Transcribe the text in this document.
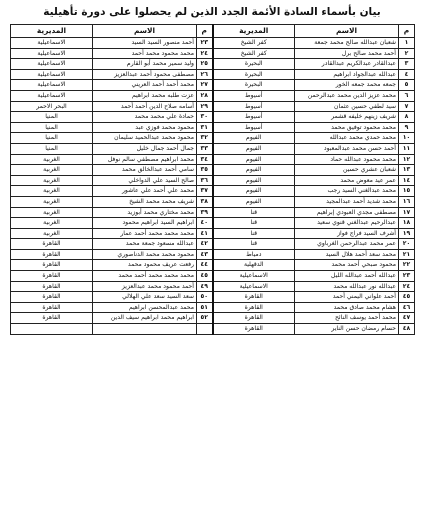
بيان بأسماء السادة الأئمة الجدد الذين لم يحصلوا على دورة تأهيلية
م	الاسم	المديرية	م	الاسم	المديرية
١	شعبان عبدالله صالح محمد جمعة	كفر الشيخ	٢٣	أحمد منصور السيد السيد	الاسماعيلية
٢	أحمد محمد صالح برل	كفر الشيخ	٢٤	محمد محمود محمد أحمد	الاسماعيلية
٣	عبدالقادر عبدالكريم عبدالقادر	البحيرة	٢٥	وليد سمير محمد أبو القارم	الاسماعيلية
٤	عبدالله عبدالجواد ابراهيم	البحيرة	٢٦	مصطفى محمود أحمد عبدالعزيز	الاسماعيلية
٥	جمعه محمد جمعه الخور	البحيرة	٢٧	محمد أحمد أحمد العريني	الاسماعيلية
٦	محمد عزيز الدين محمد عبدالرحمن	أسيوط	٢٨	عزت طلبه محمد ابراهيم	الاسماعيلية
٧	سيد لطفي حسين عثمان	أسيوط	٢٩	أسامه صلاح الدين أحمد أحمد	البحر الاحمر
٨	شريف زينهم خليفه قشمر	أسيوط	٣٠	حمادة علي محمد محمد	المنيا
٩	محمد محمود توفيق محمد	أسيوط	٣١	محمود محمد فوزي عبد	المنيا
١٠	محمد حمدي محمد عبدالله	الفيوم	٣٢	محمود محمد عبدالحميد سليمان	المنيا
١١	أحمد حسن محمد عبدالمعبود	الفيوم	٣٣	جمال أحمد جمال خليل	المنيا
١٢	محمد محمود عبدالله حماد	الفيوم	٣٤	محمد ابراهيم مصطفي سالم نوفل	الغربية
١٣	شعبان عشري حسين	الفيوم	٣٥	سامي أحمد عبدالخالق محمد	الغربية
١٤	عمر عيد معوض محمد	الفيوم	٣٦	صالح السيد علي الدواخلي	الغربية
١٥	محمد عبدالغني السيد رجب	الفيوم	٣٧	محمد علي أحمد علي عاشور	الغربية
١٦	محمد شديد أحمد عبدالمجيد	الفيوم	٣٨	شريف محمد محمد الشيخ	الغربية
١٧	مصطفى مجدي العبودي إبراهيم	قنا	٣٩	محمد مختاري محمد أبوزيد	الغربية
١٨	عبدالرحيم عبدالغني قنوي سعيد	قنا	٤٠	ابراهيم السيد ابراهيم محمود	الغربية
١٩	أشرف السيد فراج فواز	قنا	٤١	محمد محمد محمد أحمد عمار	الغربية
٢٠	عمر محمد عبدالرحمن الغرباوي	قنا	٤٢	عبدالله مسعود جمعة محمد	القاهرة
٢١	محمد سعد أحمد هلال السيد	دمياط	٤٣	محمود محمد محمد الدناصوري	القاهرة
٢٢	محمود صبحي أحمد محمد	الدقهلية	٤٤	رفعت عريف محمود محمد	القاهرة
٢٣	عبدالله أحمد عبدالله الليل	الاسماعيلية	٤٥	محمد محمد محمد أحمد محمد	القاهرة
٢٤	عبدالله نور عبدالله محمد	الاسماعيلية	٤٩	أحمد محمود محمد عبدالعزيز	القاهرة
٤٥	أحمد علواني اليمني أحمد	القاهرة	٥٠	سعد السيد سعد علي الهلالي	القاهرة
٤٦	هشام محمد صادق محمد	القاهرة	٥١	محمد عبدالمحسن ابراهيم	القاهرة
٤٧	محمد أحمد يوسف النائح	القاهرة	٥٢	ابراهيم محمد ابراهيم سيف الدين	القاهرة
٤٨	حسام رمضان حسن الناير	القاهرة			
